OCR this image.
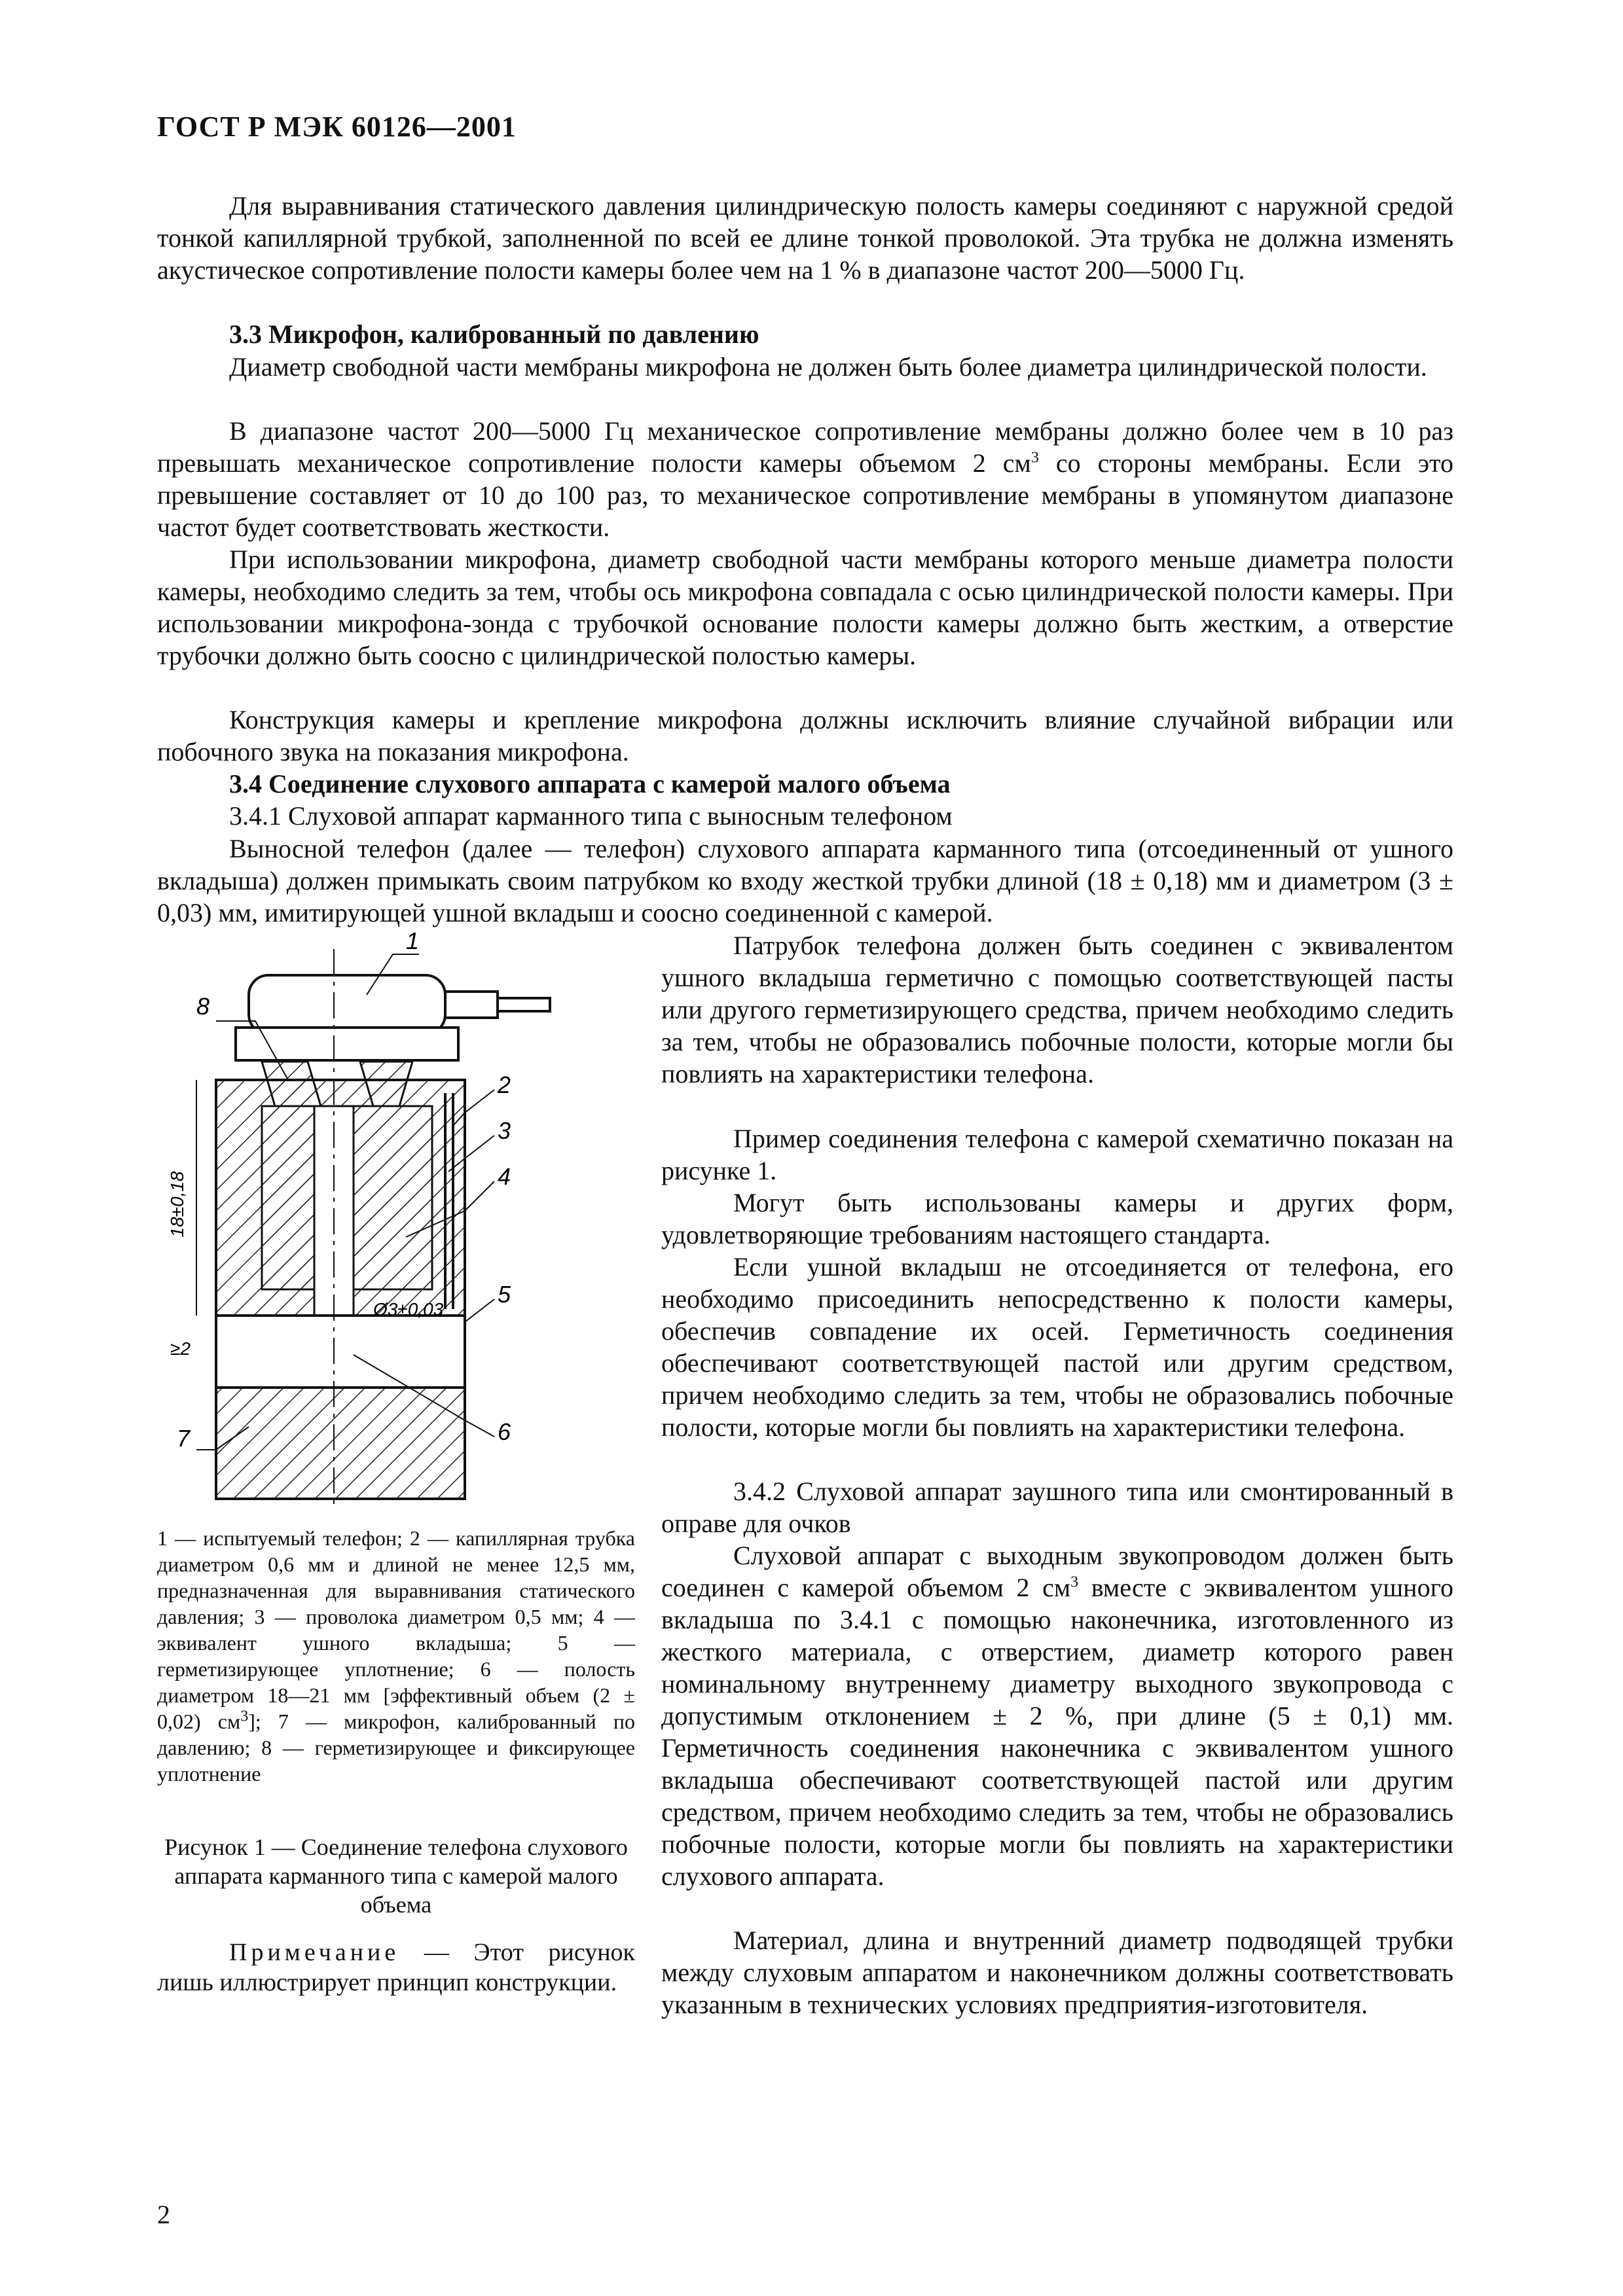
ГОСТ Р МЭК 60126—2001
Для выравнивания статического давления цилиндрическую полость камеры соединяют с наружной средой тонкой капиллярной трубкой, заполненной по всей ее длине тонкой проволокой. Эта трубка не должна изменять акустическое сопротивление полости камеры более чем на 1 % в диапазоне частот 200—5000 Гц.
3.3 Микрофон, калиброванный по давлению
Диаметр свободной части мембраны микрофона не должен быть более диаметра цилиндрической полости.
В диапазоне частот 200—5000 Гц механическое сопротивление мембраны должно более чем в 10 раз превышать механическое сопротивление полости камеры объемом 2 $см^3$ со стороны мембраны. Если это превышение составляет от 10 до 100 раз, то механическое сопротивление мембраны в упомянутом диапазоне частот будет соответствовать жесткости.
При использовании микрофона, диаметр свободной части мембраны которого меньше диаметра полости камеры, необходимо следить за тем, чтобы ось микрофона совпадала с осью цилиндрической полости камеры. При использовании микрофона-зонда с трубочкой основание полости камеры должно быть жестким, а отверстие трубочки должно быть соосно с цилиндрической полостью камеры.
Конструкция камеры и крепление микрофона должны исключить влияние случайной вибрации или побочного звука на показания микрофона.
3.4 Соединение слухового аппарата с камерой малого объема
3.4.1 Слуховой аппарат карманного типа с выносным телефоном
Выносной телефон (далее — телефон) слухового аппарата карманного типа (отсоединенный от ушного вкладыша) должен примыкать своим патрубком ко входу жесткой трубки длиной (18 ± 0,18) мм и диаметром (3 ± 0,03) мм, имитирующей ушной вкладыш и соосно соединенной с камерой.
18±0,18
Ø3±0,03
≥2
1
2
3
4
5
6
7
8
1 — испытуемый телефон; 2 — капиллярная трубка диаметром 0,6 мм и длиной не менее 12,5 мм, предназначенная для выравнивания статического давления; 3 — проволока диаметром 0,5 мм; 4 — эквивалент ушного вкладыша; 5 — герметизирующее уплотнение; 6 — полость диаметром 18—21 мм [эффективный объем (2 ± 0,02) $см^3$]; 7 — микрофон, калиброванный по давлению; 8 — герметизирующее и фиксирующее уплотнение
Рисунок 1 — Соединение телефона слухового аппарата карманного типа с камерой малого объема
Примечание — Этот рисунок лишь иллюстрирует принцип конструкции.
Патрубок телефона должен быть соединен с эквивалентом ушного вкладыша герметично с помощью соответствующей пасты или другого герметизирующего средства, причем необходимо следить за тем, чтобы не образовались побочные полости, которые могли бы повлиять на характеристики телефона.
Пример соединения телефона с камерой схематично показан на рисунке 1.
Могут быть использованы камеры и других форм, удовлетворяющие требованиям настоящего стандарта.
Если ушной вкладыш не отсоединяется от телефона, его необходимо присоединить непосредственно к полости камеры, обеспечив совпадение их осей. Герметичность соединения обеспечивают соответствующей пастой или другим средством, причем необходимо следить за тем, чтобы не образовались побочные полости, которые могли бы повлиять на характеристики телефона.
3.4.2 Слуховой аппарат заушного типа или смонтированный в оправе для очков
Слуховой аппарат с выходным звукопроводом должен быть соединен с камерой объемом 2 $см^3$ вместе с эквивалентом ушного вкладыша по 3.4.1 с помощью наконечника, изготовленного из жесткого материала, с отверстием, диаметр которого равен номинальному внутреннему диаметру выходного звукопровода с допустимым отклонением ± 2 %, при длине (5 ± 0,1) мм. Герметичность соединения наконечника с эквивалентом ушного вкладыша обеспечивают соответствующей пастой или другим средством, причем необходимо следить за тем, чтобы не образовались побочные полости, которые могли бы повлиять на характеристики слухового аппарата.
Материал, длина и внутренний диаметр подводящей трубки между слуховым аппаратом и наконечником должны соответствовать указанным в технических условиях предприятия-изготовителя.
2
